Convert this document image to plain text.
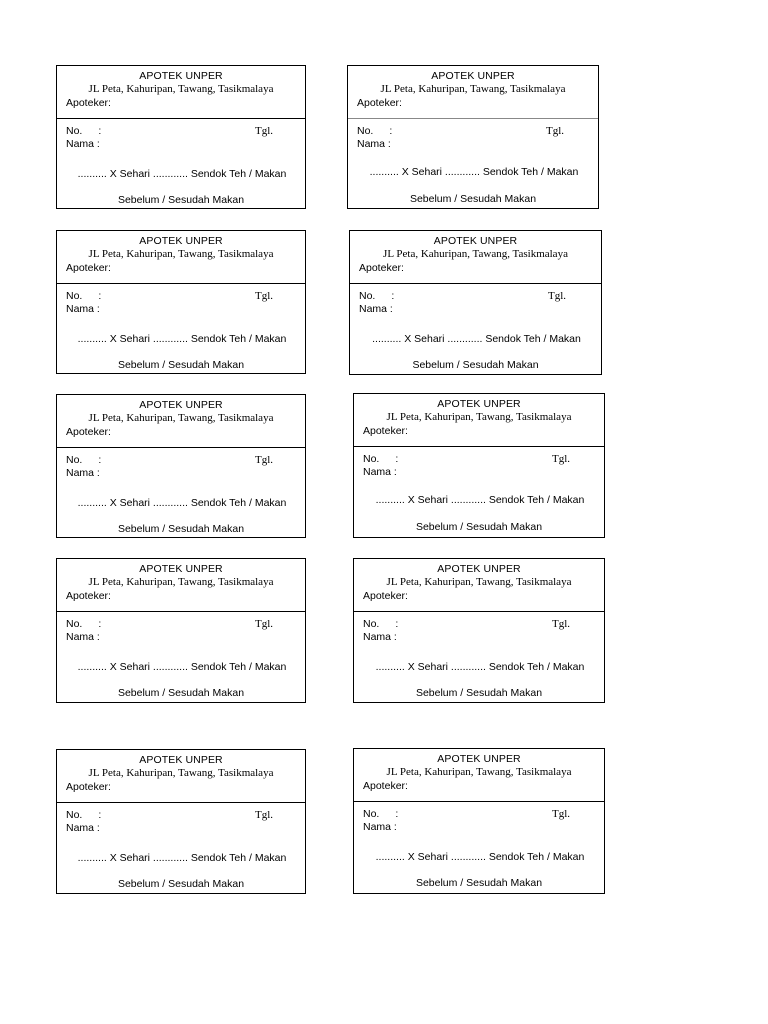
APOTEK UNPER
JL Peta, Kahuripan, Tawang, Tasikmalaya
Apoteker:
No. :	Tgl.
Nama :
.......... X Sehari ............ Sendok Teh / Makan
Sebelum / Sesudah Makan
APOTEK UNPER
JL Peta, Kahuripan, Tawang, Tasikmalaya
Apoteker:
No. :	Tgl.
Nama :
.......... X Sehari ............ Sendok Teh / Makan
Sebelum / Sesudah Makan
APOTEK UNPER
JL Peta, Kahuripan, Tawang, Tasikmalaya
Apoteker:
No. :	Tgl.
Nama :
.......... X Sehari ............ Sendok Teh / Makan
Sebelum / Sesudah Makan
APOTEK UNPER
JL Peta, Kahuripan, Tawang, Tasikmalaya
Apoteker:
No. :	Tgl.
Nama :
.......... X Sehari ............ Sendok Teh / Makan
Sebelum / Sesudah Makan
APOTEK UNPER
JL Peta, Kahuripan, Tawang, Tasikmalaya
Apoteker:
No. :	Tgl.
Nama :
.......... X Sehari ............ Sendok Teh / Makan
Sebelum / Sesudah Makan
APOTEK UNPER
JL Peta, Kahuripan, Tawang, Tasikmalaya
Apoteker:
No. :	Tgl.
Nama :
.......... X Sehari ............ Sendok Teh / Makan
Sebelum / Sesudah Makan
APOTEK UNPER
JL Peta, Kahuripan, Tawang, Tasikmalaya
Apoteker:
No. :	Tgl.
Nama :
.......... X Sehari ............ Sendok Teh / Makan
Sebelum / Sesudah Makan
APOTEK UNPER
JL Peta, Kahuripan, Tawang, Tasikmalaya
Apoteker:
No. :	Tgl.
Nama :
.......... X Sehari ............ Sendok Teh / Makan
Sebelum / Sesudah Makan
APOTEK UNPER
JL Peta, Kahuripan, Tawang, Tasikmalaya
Apoteker:
No. :	Tgl.
Nama :
.......... X Sehari ............ Sendok Teh / Makan
Sebelum / Sesudah Makan
APOTEK UNPER
JL Peta, Kahuripan, Tawang, Tasikmalaya
Apoteker:
No. :	Tgl.
Nama :
.......... X Sehari ............ Sendok Teh / Makan
Sebelum / Sesudah Makan
